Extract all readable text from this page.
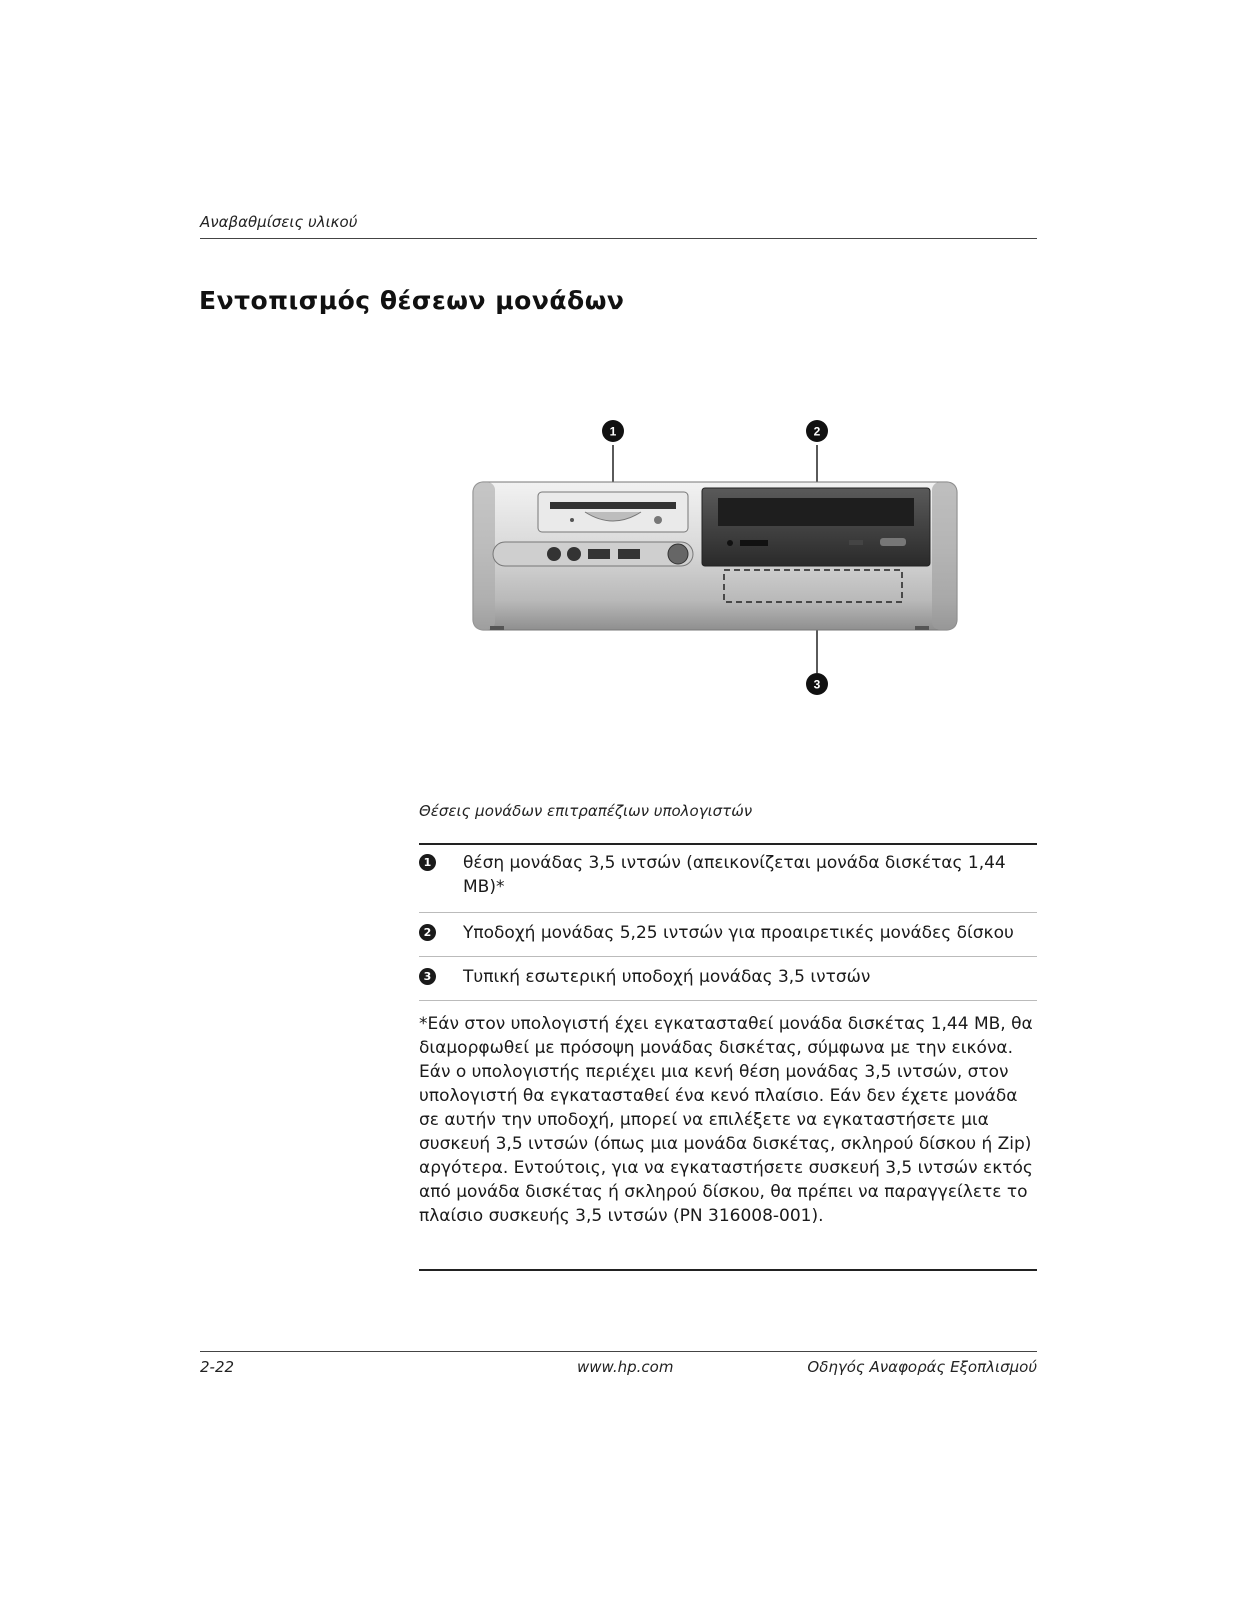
Αναβαθμίσεις υλικού
Εντοπισμός θέσεων μονάδων
1	2
3
Θέσεις μονάδων επιτραπέζιων υπολογιστών
1 θέση μονάδας 3,5 ιντσών (απεικονίζεται μονάδα δισκέτας 1,44 MB)*
2 Υποδοχή μονάδας 5,25 ιντσών για προαιρετικές μονάδες δίσκου
3 Τυπική εσωτερική υποδοχή μονάδας 3,5 ιντσών
*Εάν στον υπολογιστή έχει εγκατασταθεί μονάδα δισκέτας 1,44 MB, θα διαμορφωθεί με πρόσοψη μονάδας δισκέτας, σύμφωνα με την εικόνα. Εάν ο υπολογιστής περιέχει μια κενή θέση μονάδας 3,5 ιντσών, στον υπολογιστή θα εγκατασταθεί ένα κενό πλαίσιο. Εάν δεν έχετε μονάδα σε αυτήν την υποδοχή, μπορεί να επιλέξετε να εγκαταστήσετε μια συσκευή 3,5 ιντσών (όπως μια μονάδα δισκέτας, σκληρού δίσκου ή Zip) αργότερα. Εντούτοις, για να εγκαταστήσετε συσκευή 3,5 ιντσών εκτός από μονάδα δισκέτας ή σκληρού δίσκου, θα πρέπει να παραγγείλετε το πλαίσιο συσκευής 3,5 ιντσών (PN 316008-001).
2-22	www.hp.com	Οδηγός Αναφοράς Εξοπλισμού
